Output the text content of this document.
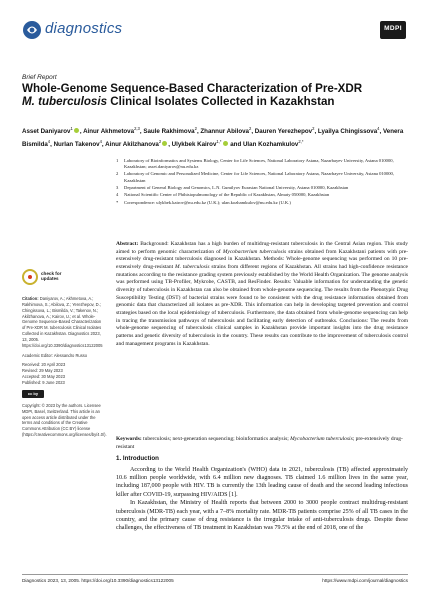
diagnostics	MDPI
Brief Report
Whole-Genome Sequence-Based Characterization of Pre-XDR
M. tuberculosis Clinical Isolates Collected in Kazakhstan
Asset Daniyarov$^1$ , Ainur Akhmetova$^{2,3}$, Saule Rakhimova$^2$, Zhannur Abilova$^2$, Dauren Yerezhepov$^2$, Lyailya Chingissova$^4$, Venera Bismilda$^4$, Nurlan Takenov$^4$, Ainur Akilzhanova$^2$ , Ulykbek Kairov$^{1,*}$ and Ulan Kozhamkulov$^{2,*}$
1	Laboratory of Bioinformatics and Systems Biology, Center for Life Sciences, National Laboratory Astana, Nazarbayev University, Astana 010000, Kazakhstan; asset.daniyarov@nu.edu.kz
2	Laboratory of Genomic and Personalized Medicine, Center for Life Sciences, National Laboratory Astana, Nazarbayev University, Astana 010000, Kazakhstan
3	Department of General Biology and Genomics, L.N. Gumilyov Eurasian National University, Astana 010000, Kazakhstan
4	National Scientific Center of Phthisiopulmonology of the Republic of Kazakhstan, Almaty 050000, Kazakhstan
*	Correspondence: ulykbek.kairov@nu.edu.kz (U.K.); ulan.kozhamkulov@nu.edu.kz (U.K.)
check for
updates

Citation: Daniyarov, A.; Akhmetova, A.; Rakhimova, S.; Abilova, Z.; Yerezhepov, D.; Chingissova, L.; Bismilda, V.; Takenov, N.; Akilzhanova, A.; Kairov, U.; et al. Whole-Genome Sequence-Based Characterization of Pre-XDR M. tuberculosis Clinical Isolates Collected in Kazakhstan. Diagnostics 2023, 13, 2005. https://doi.org/10.3390/diagnostics13122005

Academic Editor: Alessandro Russo

Received: 20 April 2023

Revised: 29 May 2023

Accepted: 30 May 2023

Published: 9 June 2023

cc by

Copyright: © 2023 by the authors. Licensee MDPI, Basel, Switzerland. This article is an open access article distributed under the terms and conditions of the Creative Commons Attribution (CC BY) license (https://creativecommons.org/licenses/by/4.0/).

Abstract: Background: Kazakhstan has a high burden of multidrug-resistant tuberculosis in the Central Asian region. This study aimed to perform genomic characterization of Mycobacterium tuberculosis strains obtained from Kazakhstani patients with pre-extensively drug-resistant tuberculosis diagnosed in Kazakhstan. Methods: Whole-genome sequencing was performed on 10 pre-extensively drug-resistant M. tuberculosis strains from different regions of Kazakhstan. All strains had high-confidence resistance mutations according to the resistance grading system previously established by the World Health Organization. The genome analysis was performed using TB-Profiler, Mykrobe, CASTB, and ResFinder. Results: Valuable information for understanding the genetic diversity of tuberculosis in Kazakhstan can also be obtained from whole-genome sequencing. The results from the Phenotypic Drug Susceptibility Testing (DST) of bacterial strains were found to be consistent with the drug resistance information obtained from genomic data that characterized all isolates as pre-XDR. This information can help in developing targeted prevention and control strategies based on the local epidemiology of tuberculosis. Furthermore, the data obtained from whole-genome sequencing can help in tracing the transmission pathways of tuberculosis and facilitating early detection of outbreaks. Conclusions: The results from whole-genome sequencing of tuberculosis clinical samples in Kazakhstan provide important insights into the drug resistance patterns and genetic diversity of tuberculosis in the country. These results can contribute to the improvement of tuberculosis control and management programs in Kazakhstan.
Keywords: tuberculosis; next-generation sequencing; bioinformatics analysis; Mycobacterium tuberculosis; pre-extensively drug-resistant
1. Introduction

According to the World Health Organization's (WHO) data in 2021, tuberculosis (TB) affected approximately 10.6 million people worldwide, with 6.4 million new diagnoses. TB claimed 1.6 million lives in the same year, including 187,000 people with HIV. TB is currently the 13th leading cause of death and the second leading infectious killer after COVID-19, surpassing HIV/AIDS [1].

In Kazakhstan, the Ministry of Health reports that between 2000 to 3000 people contract multidrug-resistant tuberculosis (MDR-TB) each year, with a 7–8% mortality rate. MDR-TB patients comprise 25% of all TB cases in the country, and the primary cause of drug resistance is the irregular intake of anti-tuberculosis drugs. Despite these challenges, the effectiveness of TB treatment in Kazakhstan was 79.5% at the end of 2018, one of the

Diagnostics 2023, 13, 2005. https://doi.org/10.3390/diagnostics13122005	https://www.mdpi.com/journal/diagnostics
